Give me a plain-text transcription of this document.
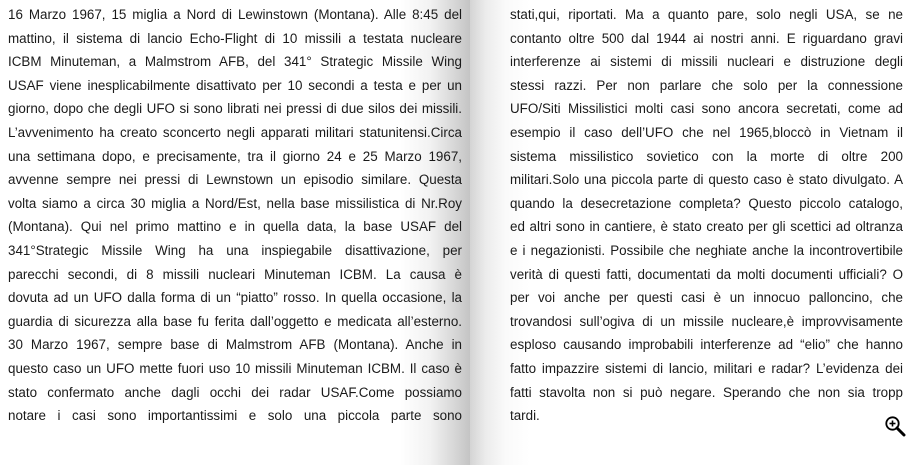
16 Marzo 1967, 15 miglia a Nord di Lewinstown (Montana). Alle 8:45 del
mattino, il sistema di lancio Echo-Flight di 10 missili a testata nucleare
ICBM Minuteman, a Malmstrom AFB, del 341° Strategic Missile Wing
USAF viene inesplicabilmente disattivato per 10 secondi a testa e per un
giorno, dopo che degli UFO si sono librati nei pressi di due silos dei missili.
L’avvenimento ha creato sconcerto negli apparati militari statunitensi.Circa
una settimana dopo, e precisamente, tra il giorno 24 e 25 Marzo 1967,
avvenne sempre nei pressi di Lewnstown un episodio similare. Questa
volta siamo a circa 30 miglia a Nord/Est, nella base missilistica di Nr.Roy
(Montana). Qui nel primo mattino e in quella data, la base USAF del
341°Strategic Missile Wing ha una inspiegabile disattivazione, per
parecchi secondi, di 8 missili nucleari Minuteman ICBM. La causa è
dovuta ad un UFO dalla forma di un “piatto” rosso. In quella occasione, la
guardia di sicurezza alla base fu ferita dall’oggetto e medicata all’esterno.
30 Marzo 1967, sempre base di Malmstrom AFB (Montana). Anche in
questo caso un UFO mette fuori uso 10 missili Minuteman ICBM. Il caso è
stato confermato anche dagli occhi dei radar USAF.Come possiamo
notare i casi sono importantissimi e solo una piccola parte sono
stati,qui, riportati. Ma a quanto pare, solo negli USA, se ne
contanto oltre 500 dal 1944 ai nostri anni. E riguardano gravi
interferenze ai sistemi di missili nucleari e distruzione degli
stessi razzi. Per non parlare che solo per la connessione
UFO/Siti Missilistici molti casi sono ancora secretati, come ad
esempio il caso dell’UFO che nel 1965,bloccò in Vietnam il
sistema missilistico sovietico con la morte di oltre 200
militari.Solo una piccola parte di questo caso è stato divulgato. A
quando la desecretazione completa? Questo piccolo catalogo,
ed altri sono in cantiere, è stato creato per gli scettici ad oltranza
e i negazionisti. Possibile che neghiate anche la incontrovertibile
verità di questi fatti, documentati da molti documenti ufficiali? O
per voi anche per questi casi è un innocuo palloncino, che
trovandosi sull’ogiva di un missile nucleare,è improvvisamente
esploso causando improbabili interferenze ad “elio” che hanno
fatto impazzire sistemi di lancio, militari e radar? L’evidenza dei
fatti stavolta non si può negare. Sperando che non sia tropp
tardi.
